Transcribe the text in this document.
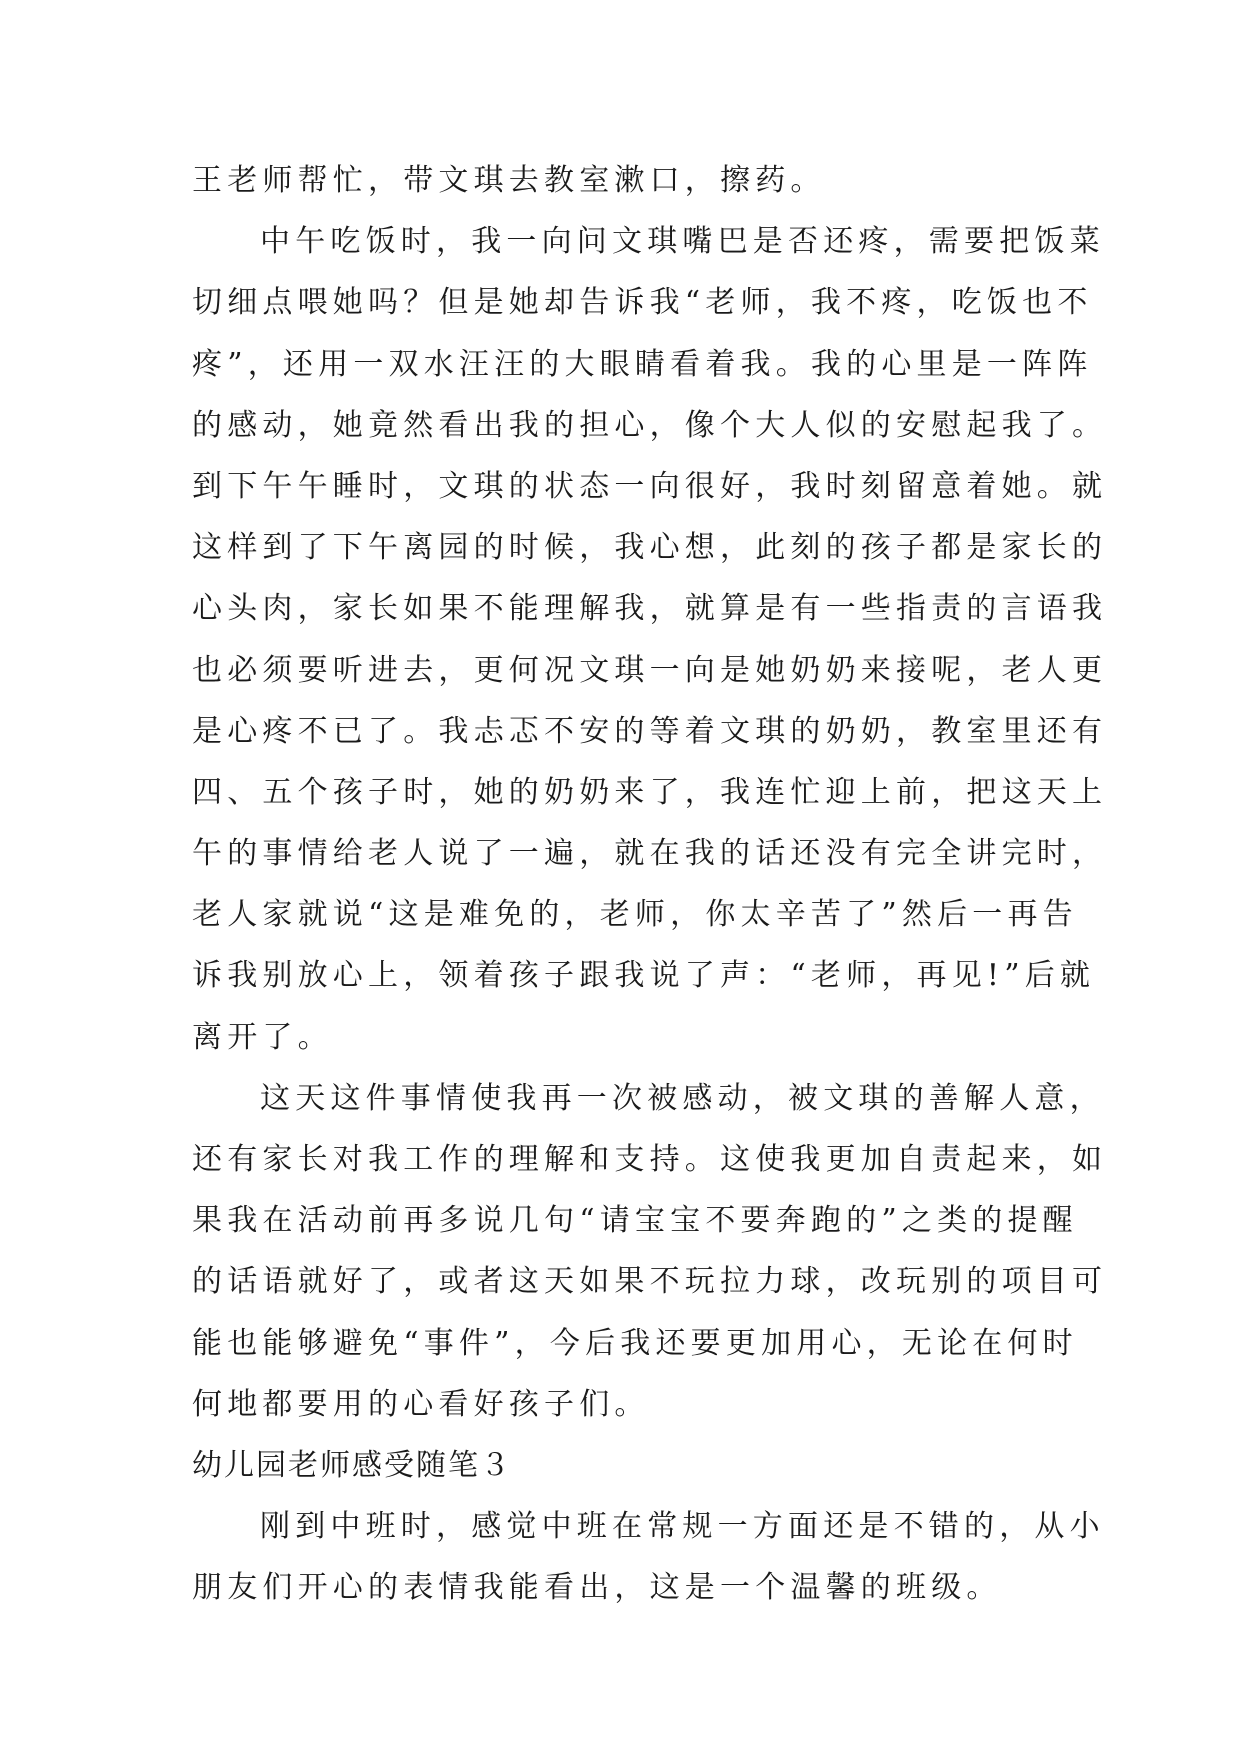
王老师帮忙，带文琪去教室漱口，擦药。
中午吃饭时，我一向问文琪嘴巴是否还疼，需要把饭菜
切细点喂她吗？但是她却告诉我“老师，我不疼，吃饭也不
疼”，还用一双水汪汪的大眼睛看着我。我的心里是一阵阵
的感动，她竟然看出我的担心，像个大人似的安慰起我了。
到下午午睡时，文琪的状态一向很好，我时刻留意着她。就
这样到了下午离园的时候，我心想，此刻的孩子都是家长的
心头肉，家长如果不能理解我，就算是有一些指责的言语我
也必须要听进去，更何况文琪一向是她奶奶来接呢，老人更
是心疼不已了。我忐忑不安的等着文琪的奶奶，教室里还有
四、五个孩子时，她的奶奶来了，我连忙迎上前，把这天上
午的事情给老人说了一遍，就在我的话还没有完全讲完时，
老人家就说“这是难免的，老师，你太辛苦了”然后一再告
诉我别放心上，领着孩子跟我说了声：“老师，再见!”后就
离开了。
这天这件事情使我再一次被感动，被文琪的善解人意，
还有家长对我工作的理解和支持。这使我更加自责起来，如
果我在活动前再多说几句“请宝宝不要奔跑的”之类的提醒
的话语就好了，或者这天如果不玩拉力球，改玩别的项目可
能也能够避免“事件”，今后我还要更加用心，无论在何时
何地都要用的心看好孩子们。
幼儿园老师感受随笔３
刚到中班时，感觉中班在常规一方面还是不错的，从小
朋友们开心的表情我能看出，这是一个温馨的班级。
